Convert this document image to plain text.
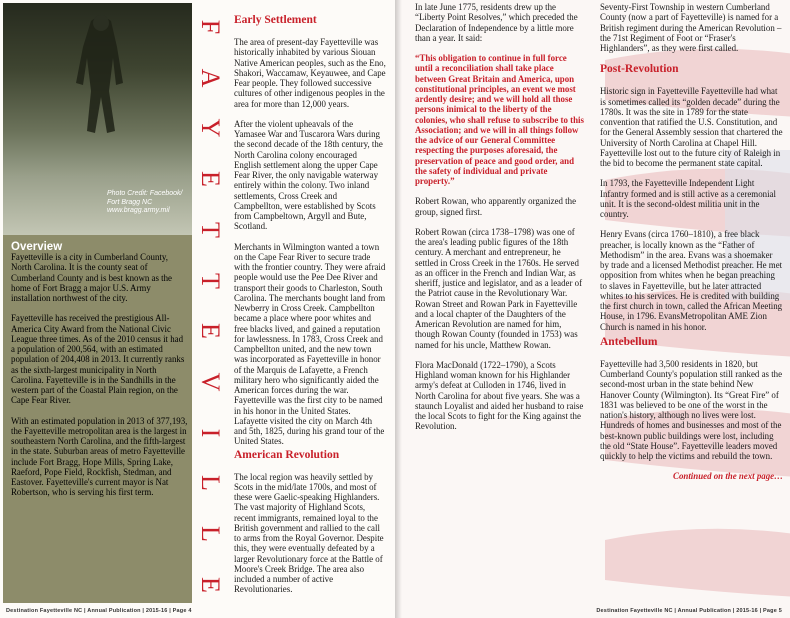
Photo Credit: Facebook/ Fort Bragg NC www.bragg.army.mil
Overview

Fayetteville is a city in Cumberland County, North Carolina. It is the county seat of Cumberland County and is best known as the home of Fort Bragg a major U.S. Army installation northwest of the city.

Fayetteville has received the prestigious All-America City Award from the National Civic League three times. As of the 2010 census it had a population of 200,564, with an estimated population of 204,408 in 2013. It currently ranks as the sixth-largest municipality in North Carolina. Fayetteville is in the Sandhills in the western part of the Coastal Plain region, on the Cape Fear River.

With an estimated population in 2013 of 377,193, the Fayetteville metropolitan area is the largest in southeastern North Carolina, and the fifth-largest in the state. Suburban areas of metro Fayetteville include Fort Bragg, Hope Mills, Spring Lake, Raeford, Pope Field, Rockfish, Stedman, and Eastover. Fayetteville's current mayor is Nat Robertson, who is serving his first term.

F
A
Y
E
T
T
E
V
I
L
L
E

Early Settlement

The area of present-day Fayetteville was historically inhabited by various Siouan Native American peoples, such as the Eno, Shakori, Waccamaw, Keyauwee, and Cape Fear people. They followed successive cultures of other indigenous peoples in the area for more than 12,000 years.

After the violent upheavals of the Yamasee War and Tuscarora Wars during the second decade of the 18th century, the North Carolina colony encouraged English settlement along the upper Cape Fear River, the only navigable waterway entirely within the colony. Two inland settlements, Cross Creek and Campbellton, were established by Scots from Campbeltown, Argyll and Bute, Scotland.

Merchants in Wilmington wanted a town on the Cape Fear River to secure trade with the frontier country. They were afraid people would use the Pee Dee River and transport their goods to Charleston, South Carolina. The merchants bought land from Newberry in Cross Creek. Campbellton became a place where poor whites and free blacks lived, and gained a reputation for lawlessness. In 1783, Cross Creek and Campbellton united, and the new town was incorporated as Fayetteville in honor of the Marquis de Lafayette, a French military hero who significantly aided the American forces during the war. Fayetteville was the first city to be named in his honor in the United States. Lafayette visited the city on March 4th and 5th, 1825, during his grand tour of the United States.

American Revolution

The local region was heavily settled by Scots in the mid/late 1700s, and most of these were Gaelic-speaking Highlanders. The vast majority of Highland Scots, recent immigrants, remained loyal to the British government and rallied to the call to arms from the Royal Governor. Despite this, they were eventually defeated by a larger Revolutionary force at the Battle of Moore's Creek Bridge. The area also included a number of active Revolutionaries.

Destination Fayetteville NC | Annual Publication | 2015-16 | Page 4	Destination Fayetteville NC | Annual Publication | 2015-16 | Page 5

In late June 1775, residents drew up the “Liberty Point Resolves,” which preceded the Declaration of Independence by a little more than a year. It said:

“This obligation to continue in full force until a reconciliation shall take place between Great Britain and America, upon constitutional principles, an event we most ardently desire; and we will hold all those persons inimical to the liberty of the colonies, who shall refuse to subscribe to this Association; and we will in all things follow the advice of our General Committee respecting the purposes aforesaid, the preservation of peace and good order, and the safety of individual and private property.”

Robert Rowan, who apparently organized the group, signed first.

Robert Rowan (circa 1738–1798) was one of the area's leading public figures of the 18th century. A merchant and entrepreneur, he settled in Cross Creek in the 1760s. He served as an officer in the French and Indian War, as sheriff, justice and legislator, and as a leader of the Patriot cause in the Revolutionary War. Rowan Street and Rowan Park in Fayetteville and a local chapter of the Daughters of the American Revolution are named for him, though Rowan County (founded in 1753) was named for his uncle, Matthew Rowan.

Flora MacDonald (1722–1790), a Scots Highland woman known for his Highlander army's defeat at Culloden in 1746, lived in North Carolina for about five years. She was a staunch Loyalist and aided her husband to raise the local Scots to fight for the King against the Revolution.

Seventy-First Township in western Cumberland County (now a part of Fayetteville) is named for a British regiment during the American Revolution – the 71st Regiment of Foot or “Fraser's Highlanders”, as they were first called.

Post-Revolution

Historic sign in Fayetteville Fayetteville had what is sometimes called its “golden decade” during the 1780s. It was the site in 1789 for the state convention that ratified the U.S. Constitution, and for the General Assembly session that chartered the University of North Carolina at Chapel Hill. Fayetteville lost out to the future city of Raleigh in the bid to become the permanent state capital.

In 1793, the Fayetteville Independent Light Infantry formed and is still active as a ceremonial unit. It is the second-oldest militia unit in the country.

Henry Evans (circa 1760–1810), a free black preacher, is locally known as the “Father of Methodism” in the area. Evans was a shoemaker by trade and a licensed Methodist preacher. He met opposition from whites when he began preaching to slaves in Fayetteville, but he later attracted whites to his services. He is credited with building the first church in town, called the African Meeting House, in 1796. EvansMetropolitan AME Zion Church is named in his honor.

Antebellum

Fayetteville had 3,500 residents in 1820, but Cumberland County's population still ranked as the second-most urban in the state behind New Hanover County (Wilmington). Its “Great Fire” of 1831 was believed to be one of the worst in the nation's history, although no lives were lost. Hundreds of homes and businesses and most of the best-known public buildings were lost, including the old “State House”. Fayetteville leaders moved quickly to help the victims and rebuild the town.

Continued on the next page…
